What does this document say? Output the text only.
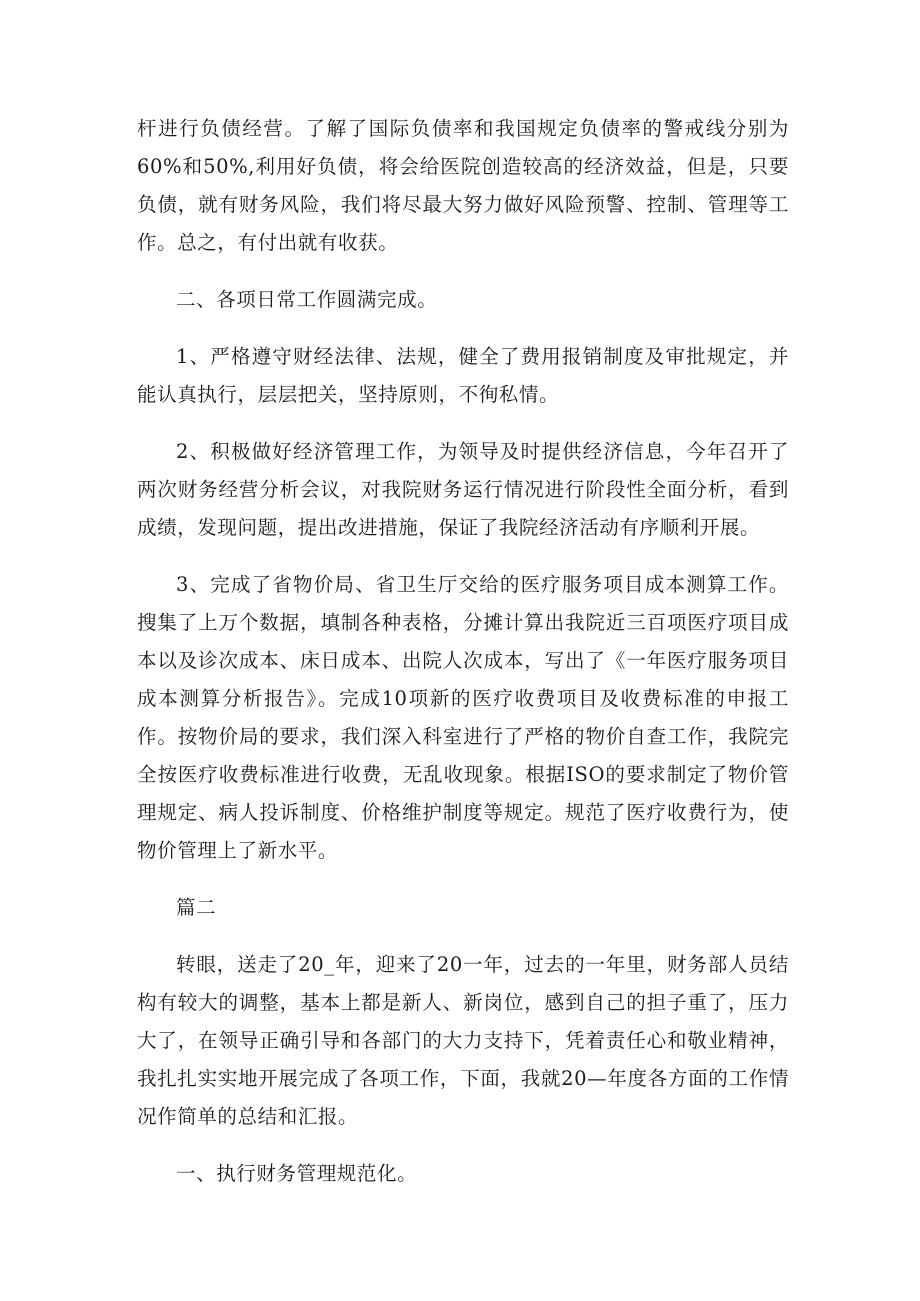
杆进行负债经营。了解了国际负债率和我国规定负债率的警戒线分别为60%和50%,利用好负债，将会给医院创造较高的经济效益，但是，只要负债，就有财务风险，我们将尽最大努力做好风险预警、控制、管理等工作。总之，有付出就有收获。

二、各项日常工作圆满完成。

1、严格遵守财经法律、法规，健全了费用报销制度及审批规定，并能认真执行，层层把关，坚持原则，不徇私情。

2、积极做好经济管理工作，为领导及时提供经济信息，今年召开了两次财务经营分析会议，对我院财务运行情况进行阶段性全面分析，看到成绩，发现问题，提出改进措施，保证了我院经济活动有序顺利开展。

3、完成了省物价局、省卫生厅交给的医疗服务项目成本测算工作。搜集了上万个数据，填制各种表格，分摊计算出我院近三百项医疗项目成本以及诊次成本、床日成本、出院人次成本，写出了《一年医疗服务项目成本测算分析报告》。完成10项新的医疗收费项目及收费标准的申报工作。按物价局的要求，我们深入科室进行了严格的物价自查工作，我院完全按医疗收费标准进行收费，无乱收现象。根据ISO的要求制定了物价管理规定、病人投诉制度、价格维护制度等规定。规范了医疗收费行为，使物价管理上了新水平。

篇二

转眼，送走了20_年，迎来了20一年，过去的一年里，财务部人员结构有较大的调整，基本上都是新人、新岗位，感到自己的担子重了，压力大了，在领导正确引导和各部门的大力支持下，凭着责任心和敬业精神，我扎扎实实地开展完成了各项工作，下面，我就20—年度各方面的工作情况作简单的总结和汇报。

一、执行财务管理规范化。
